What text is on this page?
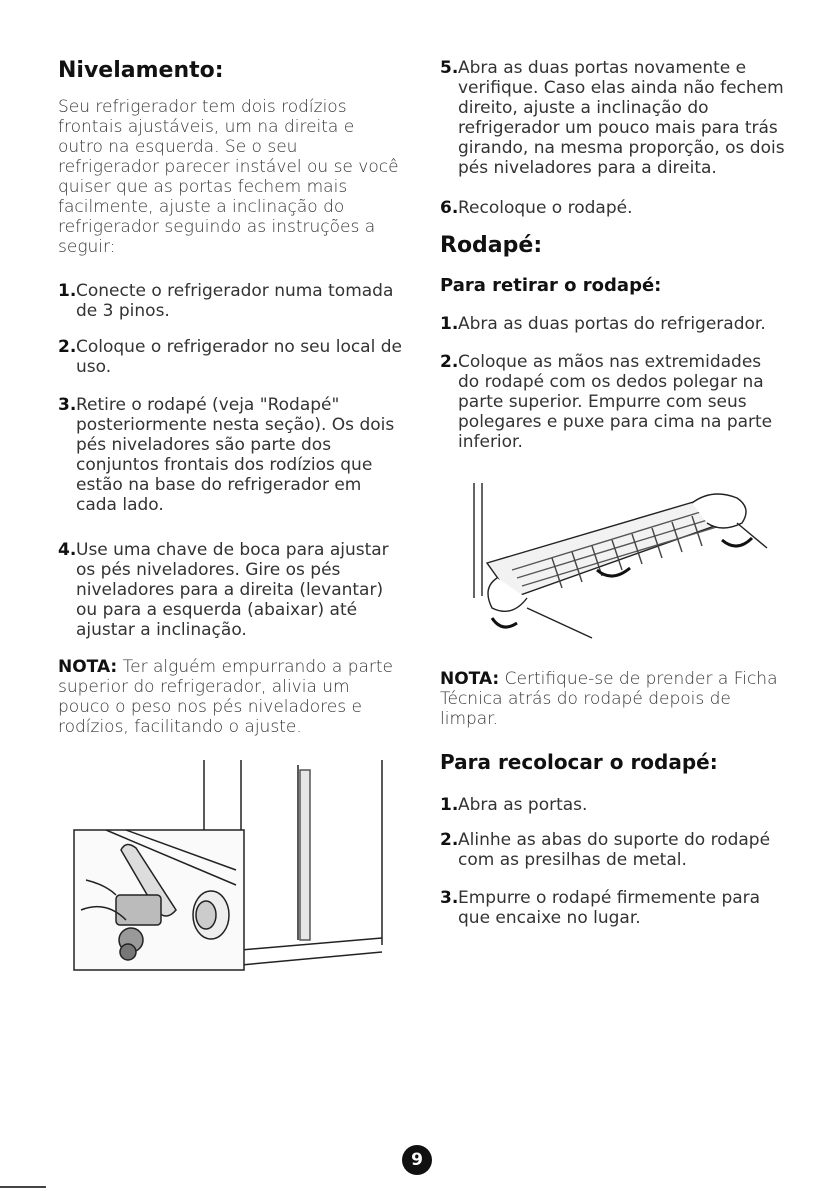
Nivelamento:
Seu refrigerador tem dois rodízios frontais ajustáveis, um na direita e outro na esquerda. Se o seu refrigerador parecer instável ou se você quiser que as portas fechem mais facilmente, ajuste a inclinação do refrigerador seguindo as instruções a seguir:
1. Conecte o refrigerador numa tomada de 3 pinos.
2. Coloque o refrigerador no seu local de uso.
3. Retire o rodapé (veja "Rodapé" posteriormente nesta seção). Os dois pés niveladores são parte dos conjuntos frontais dos rodízios que estão na base do refrigerador em cada lado.
4. Use uma chave de boca para ajustar os pés niveladores. Gire os pés niveladores para a direita (levantar) ou para a esquerda (abaixar) até ajustar a inclinação.
NOTA: Ter alguém empurrando a parte superior do refrigerador, alivia um pouco o peso nos pés niveladores e rodízios, facilitando o ajuste.
5. Abra as duas portas novamente e verifique. Caso elas ainda não fechem direito, ajuste a inclinação do refrigerador um pouco mais para trás girando, na mesma proporção, os dois pés niveladores para a direita.
6. Recoloque o rodapé.
Rodapé:
Para retirar o rodapé:
1. Abra as duas portas do refrigerador.
2. Coloque as mãos nas extremidades do rodapé com os dedos polegar na parte superior. Empurre com seus polegares e puxe para cima na parte inferior.
NOTA: Certifique-se de prender a Ficha Técnica atrás do rodapé depois de limpar.
Para recolocar o rodapé:
1. Abra as portas.
2. Alinhe as abas do suporte do rodapé com as presilhas de metal.
3. Empurre o rodapé firmemente para que encaixe no lugar.
9
